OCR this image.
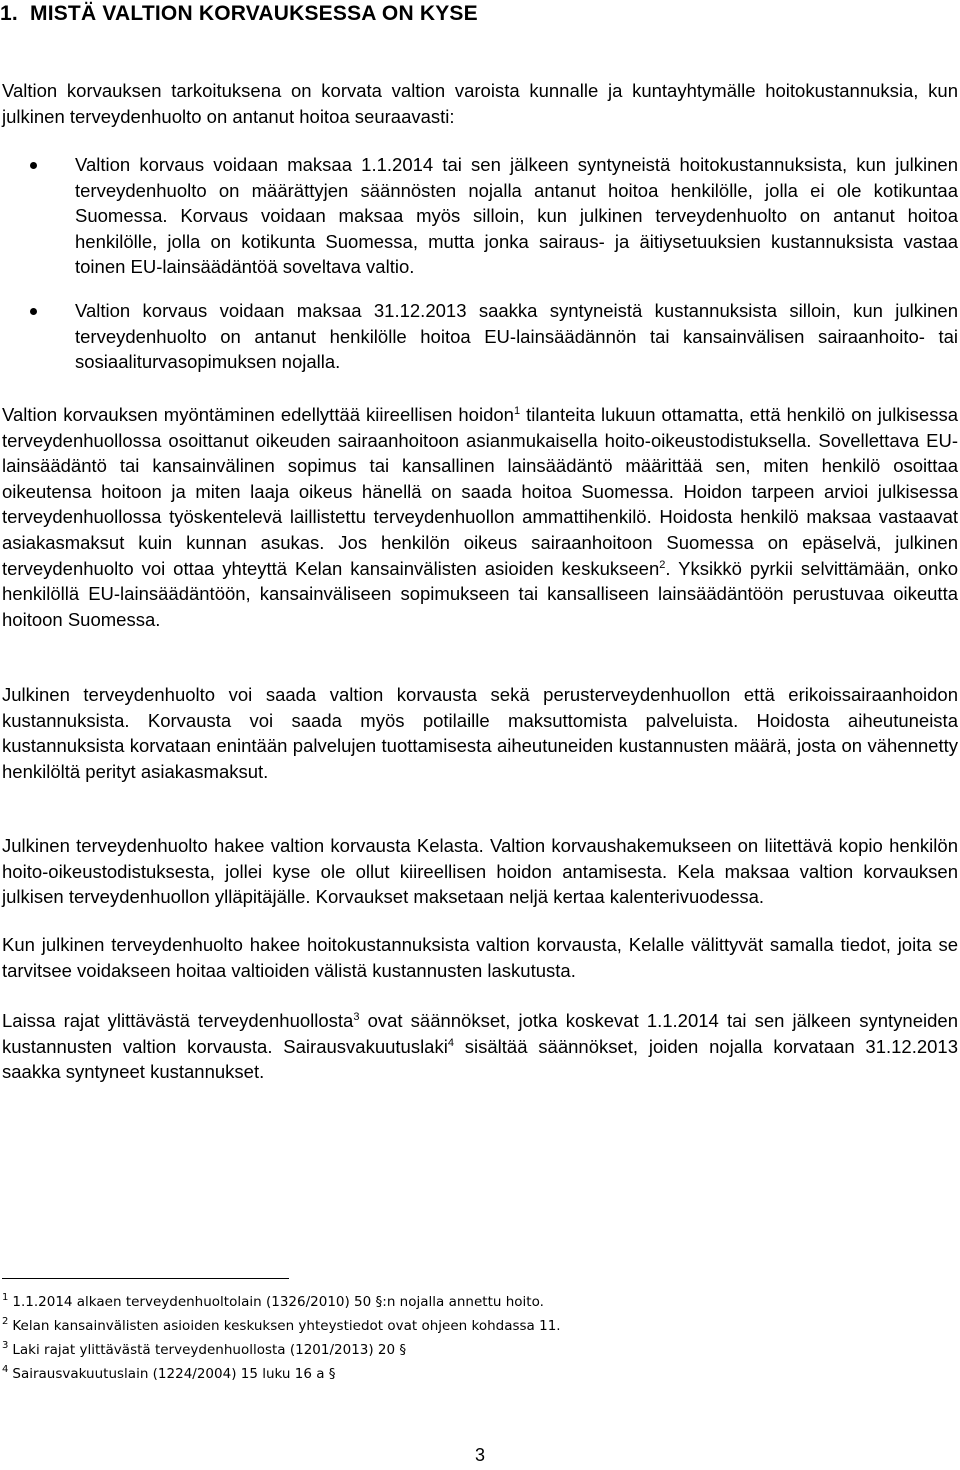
1. MISTÄ VALTION KORVAUKSESSA ON KYSE

Valtion korvauksen tarkoituksena on korvata valtion varoista kunnalle ja kuntayhtymälle hoitokustannuksia, kun julkinen terveydenhuolto on antanut hoitoa seuraavasti:

Valtion korvaus voidaan maksaa 1.1.2014 tai sen jälkeen syntyneistä hoitokustannuksista, kun julkinen terveydenhuolto on määrättyjen säännösten nojalla antanut hoitoa henkilölle, jolla ei ole kotikuntaa Suomessa. Korvaus voidaan maksaa myös silloin, kun julkinen terveydenhuolto on antanut hoitoa henkilölle, jolla on kotikunta Suomessa, mutta jonka sairaus- ja äitiysetuuksien kustannuksista vastaa toinen EU-lainsäädäntöä soveltava valtio.
Valtion korvaus voidaan maksaa 31.12.2013 saakka syntyneistä kustannuksista silloin, kun julkinen terveydenhuolto on antanut henkilölle hoitoa EU-lainsäädännön tai kansainvälisen sairaanhoito- tai sosiaaliturvasopimuksen nojalla.

Valtion korvauksen myöntäminen edellyttää kiireellisen hoidon$^1$ tilanteita lukuun ottamatta, että henkilö on julkisessa terveydenhuollossa osoittanut oikeuden sairaanhoitoon asianmukaisella hoito-oikeustodistuksella. Sovellettava EU-lainsäädäntö tai kansainvälinen sopimus tai kansallinen lainsäädäntö määrittää sen, miten henkilö osoittaa oikeutensa hoitoon ja miten laaja oikeus hänellä on saada hoitoa Suomessa. Hoidon tarpeen arvioi julkisessa terveydenhuollossa työskentelevä laillistettu terveydenhuollon ammattihenkilö. Hoidosta henkilö maksaa vastaavat asiakasmaksut kuin kunnan asukas. Jos henkilön oikeus sairaanhoitoon Suomessa on epäselvä, julkinen terveydenhuolto voi ottaa yhteyttä Kelan kansainvälisten asioiden keskukseen$^2$. Yksikkö pyrkii selvittämään, onko henkilöllä EU-lainsäädäntöön, kansainväliseen sopimukseen tai kansalliseen lainsäädäntöön perustuvaa oikeutta hoitoon Suomessa.

Julkinen terveydenhuolto voi saada valtion korvausta sekä perusterveydenhuollon että erikoissairaanhoidon kustannuksista. Korvausta voi saada myös potilaille maksuttomista palveluista. Hoidosta aiheutuneista kustannuksista korvataan enintään palvelujen tuottamisesta aiheutuneiden kustannusten määrä, josta on vähennetty henkilöltä perityt asiakasmaksut.

Julkinen terveydenhuolto hakee valtion korvausta Kelasta. Valtion korvaushakemukseen on liitettävä kopio henkilön hoito-oikeustodistuksesta, jollei kyse ole ollut kiireellisen hoidon antamisesta. Kela maksaa valtion korvauksen julkisen terveydenhuollon ylläpitäjälle. Korvaukset maksetaan neljä kertaa kalenterivuodessa.

Kun julkinen terveydenhuolto hakee hoitokustannuksista valtion korvausta, Kelalle välittyvät samalla tiedot, joita se tarvitsee voidakseen hoitaa valtioiden välistä kustannusten laskutusta.

Laissa rajat ylittävästä terveydenhuollosta$^3$ ovat säännökset, jotka koskevat 1.1.2014 tai sen jälkeen syntyneiden kustannusten valtion korvausta. Sairausvakuutuslaki$^4$ sisältää säännökset, joiden nojalla korvataan 31.12.2013 saakka syntyneet kustannukset.

$^1$ 1.1.2014 alkaen terveydenhuoltolain (1326/2010) 50 §:n nojalla annettu hoito.
$^2$ Kelan kansainvälisten asioiden keskuksen yhteystiedot ovat ohjeen kohdassa 11.
$^3$ Laki rajat ylittävästä terveydenhuollosta (1201/2013) 20 §
$^4$ Sairausvakuutuslain (1224/2004) 15 luku 16 a §
3
